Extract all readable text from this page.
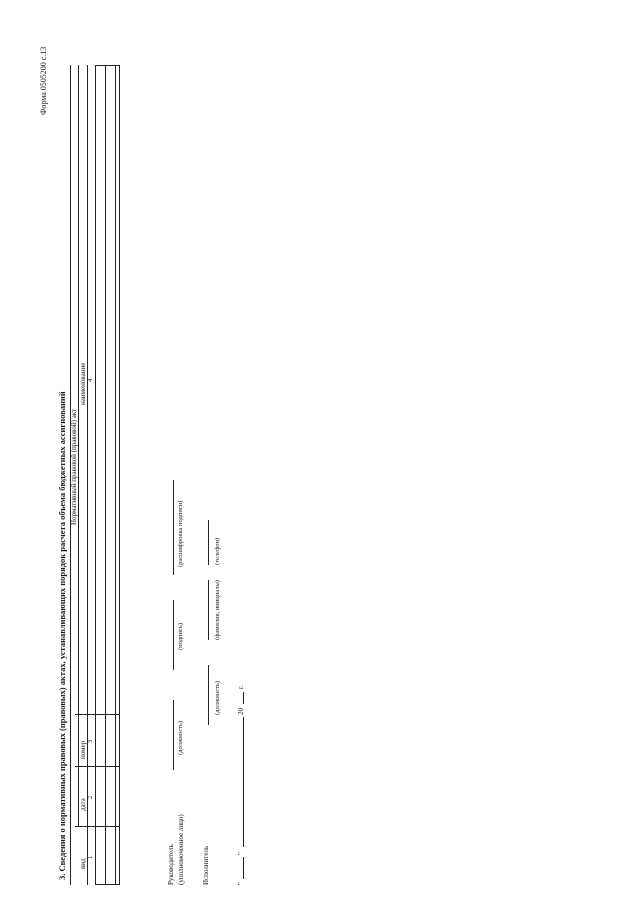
Форма 0505200 с.13
3. Сведения о нормативных правовых (правовых) актах, устанавливающих порядок расчета объема бюджетных ассигнований Нормативный правовой (правовой) акт
вид
дата
номер
наименование
1
2
3
4
Руководитель (уполномоченное лицо)
(должность)
(подпись)
(расшифровка подписи)
Исполнитель
(должность)
(фамилия, инициалы)
(телефон)
"
"
20
г.
